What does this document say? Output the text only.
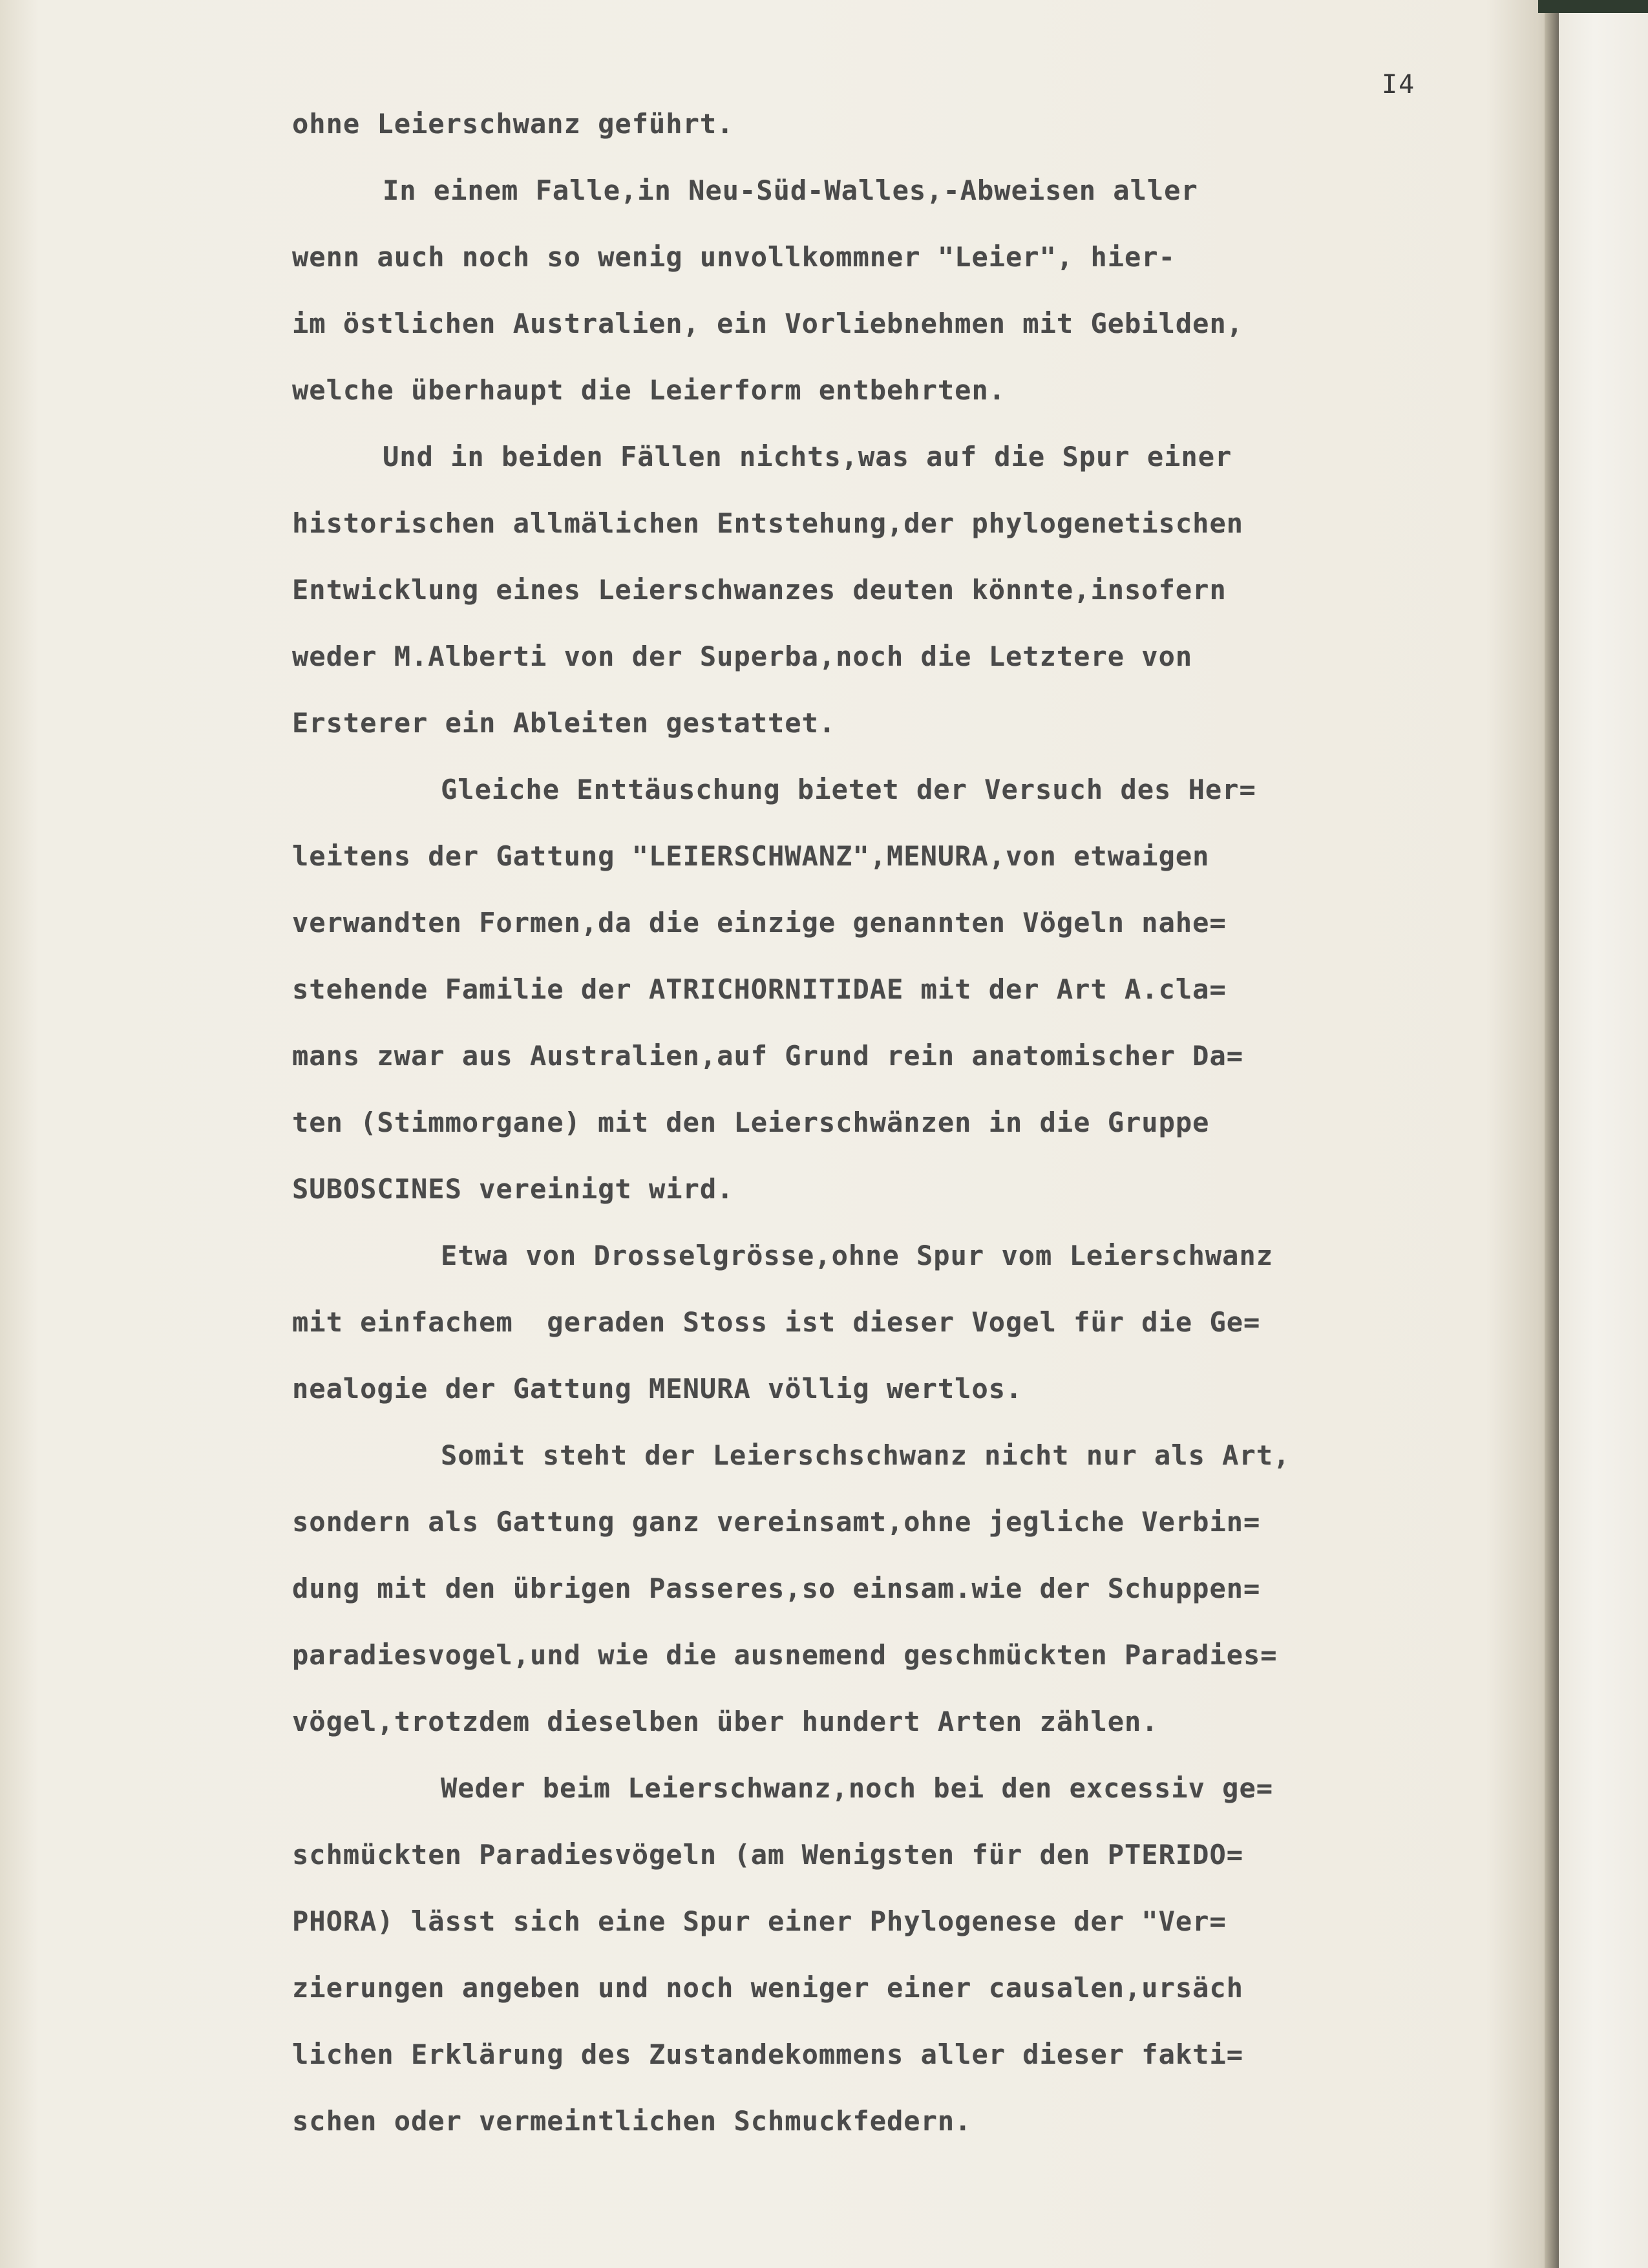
I4
ohne Leierschwanz geführt.
In einem Falle,in Neu-Süd-Walles,-Abweisen aller
wenn auch noch so wenig unvollkommner "Leier", hier-
im östlichen Australien, ein Vorliebnehmen mit Gebilden,
welche überhaupt die Leierform entbehrten.
Und in beiden Fällen nichts,was auf die Spur einer
historischen allmälichen Entstehung,der phylogenetischen
Entwicklung eines Leierschwanzes deuten könnte,insofern
weder M.Alberti von der Superba,noch die Letztere von
Ersterer ein Ableiten gestattet.
Gleiche Enttäuschung bietet der Versuch des Her=
leitens der Gattung "LEIERSCHWANZ",MENURA,von etwaigen
verwandten Formen,da die einzige genannten Vögeln nahe=
stehende Familie der ATRICHORNITIDAE mit der Art A.cla=
mans zwar aus Australien,auf Grund rein anatomischer Da=
ten (Stimmorgane) mit den Leierschwänzen in die Gruppe
SUBOSCINES vereinigt wird.
Etwa von Drosselgrösse,ohne Spur vom Leierschwanz
mit einfachem  geraden Stoss ist dieser Vogel für die Ge=
nealogie der Gattung MENURA völlig wertlos.
Somit steht der Leierschschwanz nicht nur als Art,
sondern als Gattung ganz vereinsamt,ohne jegliche Verbin=
dung mit den übrigen Passeres,so einsam.wie der Schuppen=
paradiesvogel,und wie die ausnemend geschmückten Paradies=
vögel,trotzdem dieselben über hundert Arten zählen.
Weder beim Leierschwanz,noch bei den excessiv ge=
schmückten Paradiesvögeln (am Wenigsten für den PTERIDO=
PHORA) lässt sich eine Spur einer Phylogenese der "Ver=
zierungen angeben und noch weniger einer causalen,ursäch
lichen Erklärung des Zustandekommens aller dieser fakti=
schen oder vermeintlichen Schmuckfedern.
